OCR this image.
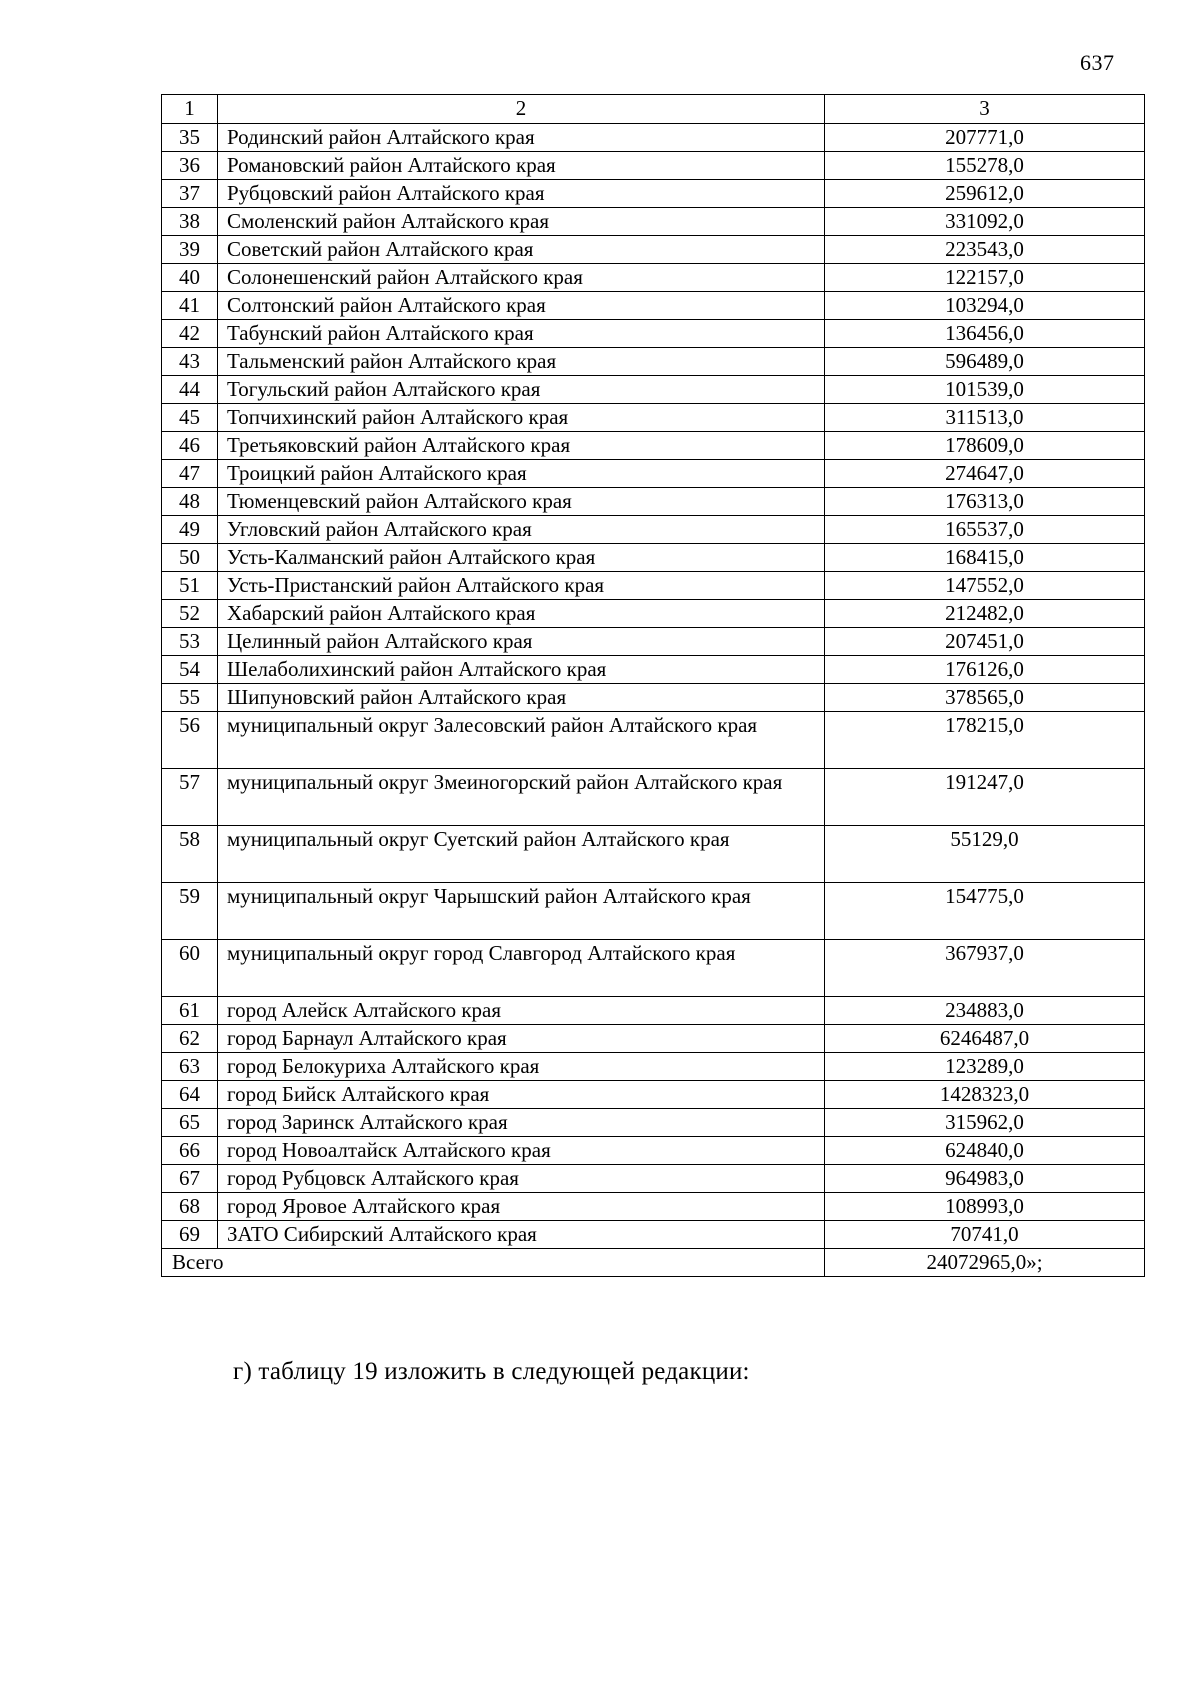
637
1	2	3
35	Родинский район Алтайского края	207771,0
36	Романовский район Алтайского края	155278,0
37	Рубцовский район Алтайского края	259612,0
38	Смоленский район Алтайского края	331092,0
39	Советский район Алтайского края	223543,0
40	Солонешенский район Алтайского края	122157,0
41	Солтонский район Алтайского края	103294,0
42	Табунский район Алтайского края	136456,0
43	Тальменский район Алтайского края	596489,0
44	Тогульский район Алтайского края	101539,0
45	Топчихинский район Алтайского края	311513,0
46	Третьяковский район Алтайского края	178609,0
47	Троицкий район Алтайского края	274647,0
48	Тюменцевский район Алтайского края	176313,0
49	Угловский район Алтайского края	165537,0
50	Усть-Калманский район Алтайского края	168415,0
51	Усть-Пристанский район Алтайского края	147552,0
52	Хабарский район Алтайского края	212482,0
53	Целинный район Алтайского края	207451,0
54	Шелаболихинский район Алтайского края	176126,0
55	Шипуновский район Алтайского края	378565,0
56	муниципальный округ Залесовский район Алтайского края	178215,0
57	муниципальный округ Змеиногорский район Алтайского края	191247,0
58	муниципальный округ Суетский район Алтайского края	55129,0
59	муниципальный округ Чарышский район Алтайского края	154775,0
60	муниципальный округ город Славгород Алтайского края	367937,0
61	город Алейск Алтайского края	234883,0
62	город Барнаул Алтайского края	6246487,0
63	город Белокуриха Алтайского края	123289,0
64	город Бийск Алтайского края	1428323,0
65	город Заринск Алтайского края	315962,0
66	город Новоалтайск Алтайского края	624840,0
67	город Рубцовск Алтайского края	964983,0
68	город Яровое Алтайского края	108993,0
69	ЗАТО Сибирский Алтайского края	70741,0
Всего		24072965,0»;
г) таблицу 19 изложить в следующей редакции:
